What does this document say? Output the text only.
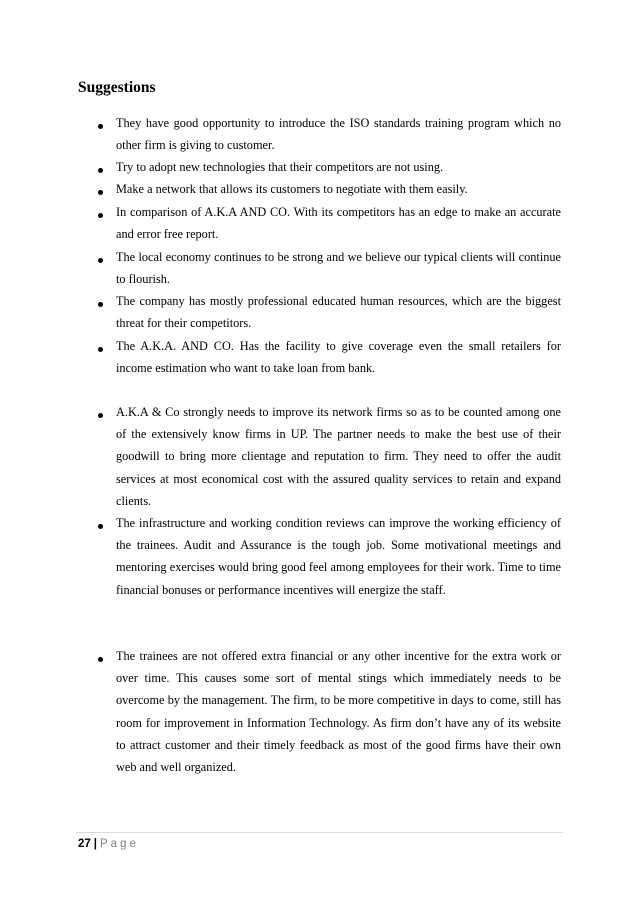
Suggestions
They have good opportunity to introduce the ISO standards training program which no other firm is giving to customer.
Try to adopt new technologies that their competitors are not using.
Make a network that allows its customers to negotiate with them easily.
In comparison of A.K.A AND CO. With its competitors has an edge to make an accurate and error free report.
The local economy continues to be strong and we believe our typical clients will continue to flourish.
The company has mostly professional educated human resources, which are the biggest threat for their competitors.
The A.K.A. AND CO. Has the facility to give coverage even the small retailers for income estimation who want to take loan from bank.
A.K.A & Co strongly needs to improve its network firms so as to be counted among one of the extensively know firms in UP. The partner needs to make the best use of their goodwill to bring more clientage and reputation to firm. They need to offer the audit services at most economical cost with the assured quality services to retain and expand clients.
The infrastructure and working condition reviews can improve the working efficiency of the trainees. Audit and Assurance is the tough job. Some motivational meetings and mentoring exercises would bring good feel among employees for their work. Time to time financial bonuses or performance incentives will energize the staff.
The trainees are not offered extra financial or any other incentive for the extra work or over time. This causes some sort of mental stings which immediately needs to be overcome by the management. The firm, to be more competitive in days to come, still has room for improvement in Information Technology. As firm don’t have any of its website to attract customer and their timely feedback as most of the good firms have their own web and well organized.
27 | Page
